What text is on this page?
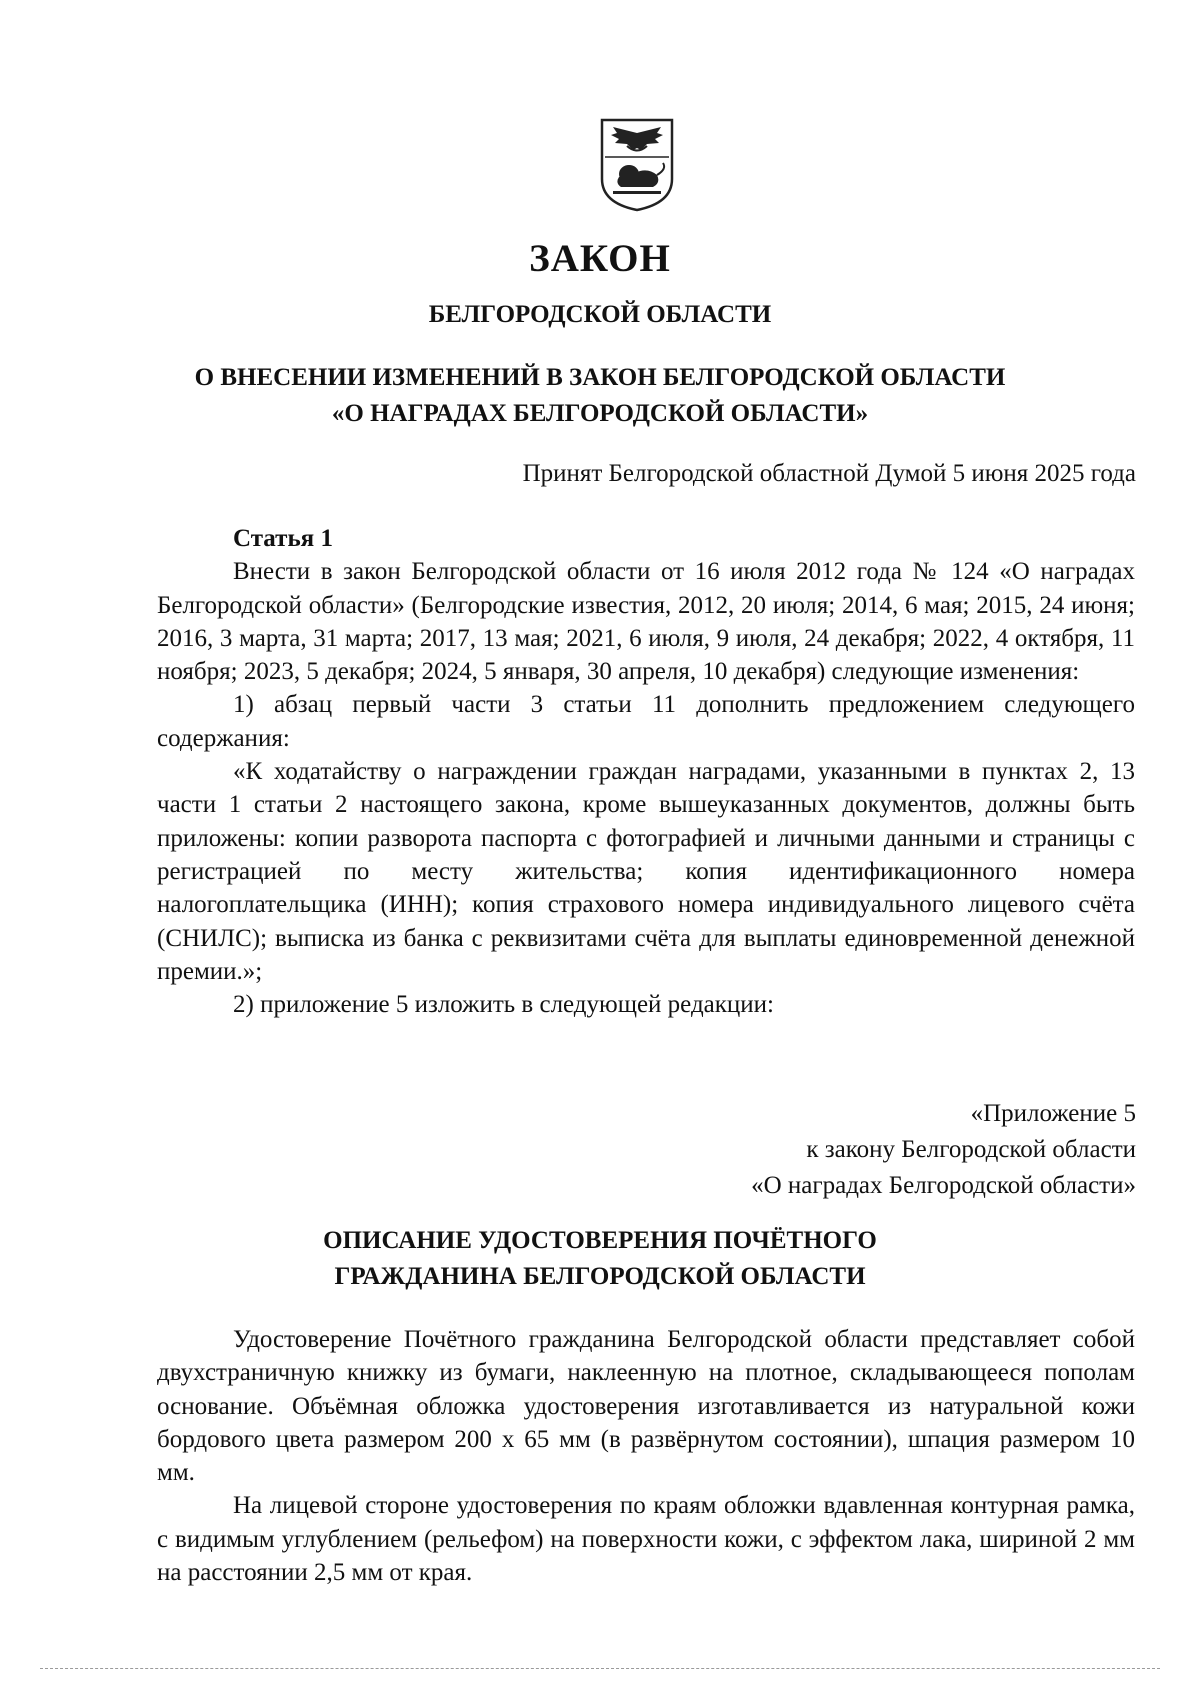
ЗАКОН
БЕЛГОРОДСКОЙ ОБЛАСТИ
О ВНЕСЕНИИ ИЗМЕНЕНИЙ В ЗАКОН БЕЛГОРОДСКОЙ ОБЛАСТИ
«О НАГРАДАХ БЕЛГОРОДСКОЙ ОБЛАСТИ»
Принят Белгородской областной Думой 5 июня 2025 года

Статья 1

Внести в закон Белгородской области от 16 июля 2012 года № 124 «О наградах Белгородской области» (Белгородские известия, 2012, 20 июля; 2014, 6 мая; 2015, 24 июня; 2016, 3 марта, 31 марта; 2017, 13 мая; 2021, 6 июля, 9 июля, 24 декабря; 2022, 4 октября, 11 ноября; 2023, 5 декабря; 2024, 5 января, 30 апреля, 10 декабря) следующие изменения:

1) абзац первый части 3 статьи 11 дополнить предложением следующего содержания:

«К ходатайству о награждении граждан наградами, указанными в пунктах 2, 13 части 1 статьи 2 настоящего закона, кроме вышеуказанных документов, должны быть приложены: копии разворота паспорта с фотографией и личными данными и страницы с регистрацией по месту жительства; копия идентификационного номера налогоплательщика (ИНН); копия страхового номера индивидуального лицевого счёта (СНИЛС); выписка из банка с реквизитами счёта для выплаты единовременной денежной премии.»;

2) приложение 5 изложить в следующей редакции:

«Приложение 5
к закону Белгородской области
«О наградах Белгородской области»
ОПИСАНИЕ УДОСТОВЕРЕНИЯ ПОЧЁТНОГО
ГРАЖДАНИНА БЕЛГОРОДСКОЙ ОБЛАСТИ

Удостоверение Почётного гражданина Белгородской области представляет собой двухстраничную книжку из бумаги, наклеенную на плотное, складывающееся пополам основание. Объёмная обложка удостоверения изготавливается из натуральной кожи бордового цвета размером 200 х 65 мм (в развёрнутом состоянии), шпация размером 10 мм.

На лицевой стороне удостоверения по краям обложки вдавленная контурная рамка, с видимым углублением (рельефом) на поверхности кожи, с эффектом лака, шириной 2 мм на расстоянии 2,5 мм от края.
